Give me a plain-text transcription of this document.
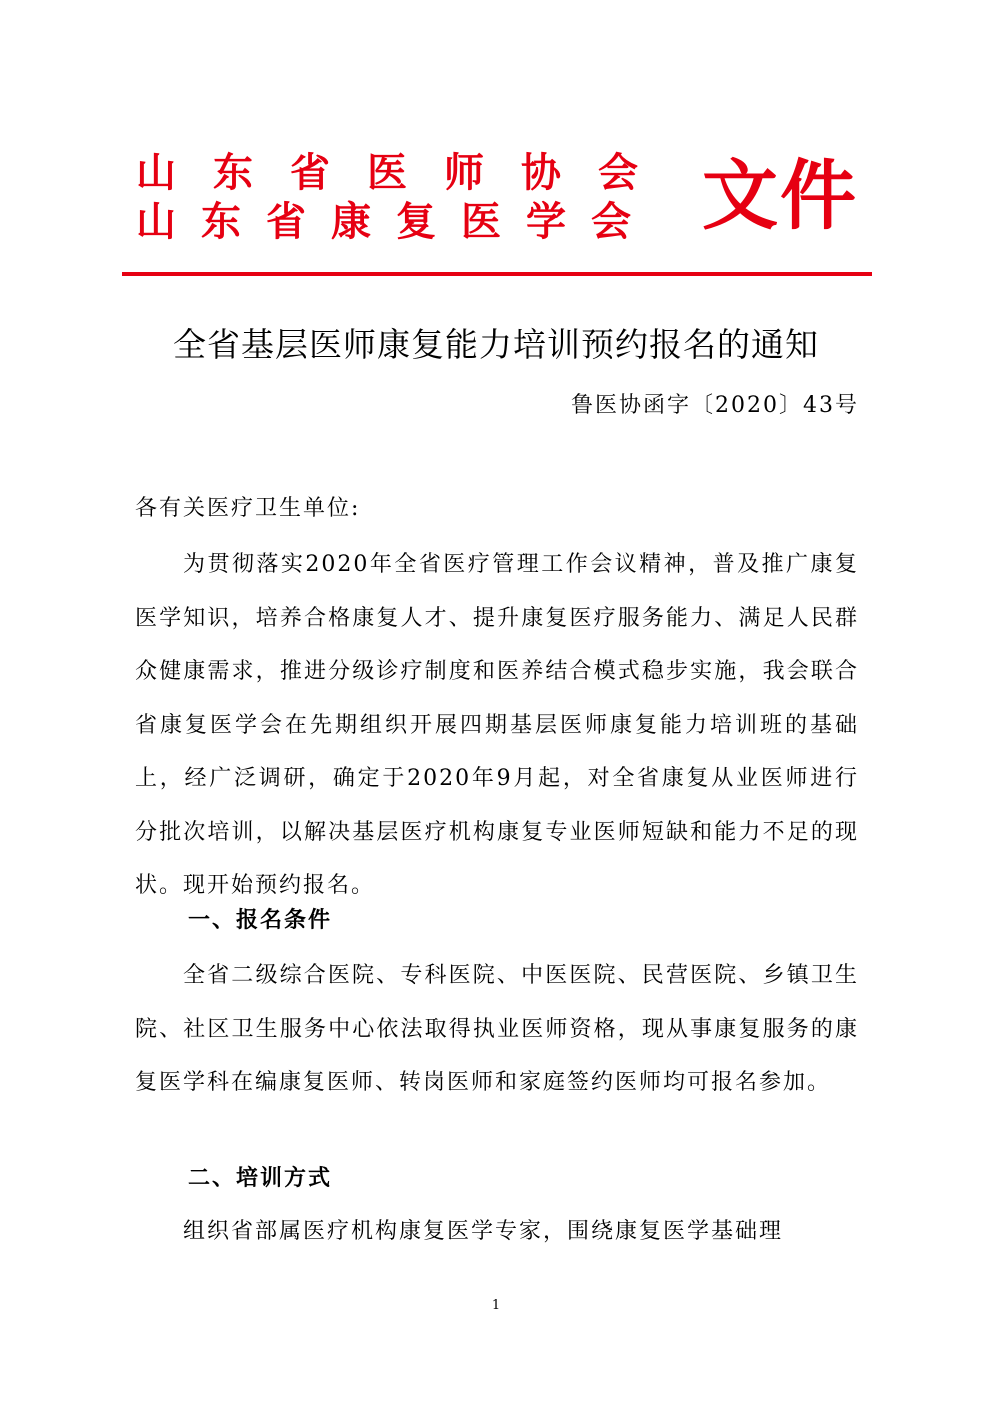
山东省医师协会
山东省康复医学会 文件
全省基层医师康复能力培训预约报名的通知
鲁医协函字〔2020〕43号
各有关医疗卫生单位:

为贯彻落实2020年全省医疗管理工作会议精神，普及推广康复医学知识，培养合格康复人才、提升康复医疗服务能力、满足人民群众健康需求，推进分级诊疗制度和医养结合模式稳步实施，我会联合省康复医学会在先期组织开展四期基层医师康复能力培训班的基础上，经广泛调研，确定于2020年9月起，对全省康复从业医师进行分批次培训，以解决基层医疗机构康复专业医师短缺和能力不足的现状。现开始预约报名。

一、报名条件

全省二级综合医院、专科医院、中医医院、民营医院、乡镇卫生院、社区卫生服务中心依法取得执业医师资格，现从事康复服务的康复医学科在编康复医师、转岗医师和家庭签约医师均可报名参加。

二、培训方式

组织省部属医疗机构康复医学专家，围绕康复医学基础理

1
